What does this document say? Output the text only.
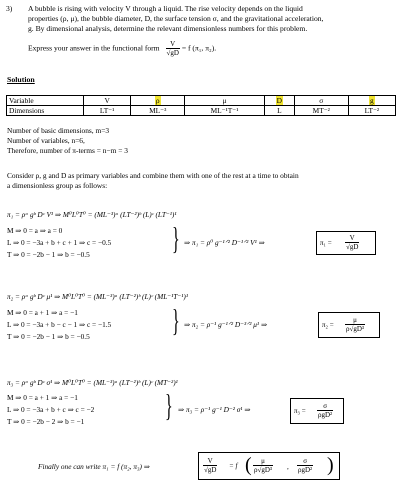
3) A bubble is rising with velocity V through a liquid. The rise velocity depends on the liquid
properties (ρ, μ), the bubble diameter, D, the surface tension σ, and the gravitational acceleration,
g. By dimensional analysis, determine the relevant dimensionless numbers for this problem.
Express your answer in the functional form $\frac{V}{√gD} = f$ (π₁, π₂).
Solution
Variable	V	ρ	μ	D	σ	g
Dimensions	LT⁻¹	ML⁻³	ML⁻¹T⁻¹	L	MT⁻²	LT⁻²
Number of basic dimensions, m=3
Number of variables, n=6,
Therefore, number of π-terms = n−m = 3
Consider ρ, g and D as primary variables and combine them with one of the rest at a time to obtain
a dimensionless group as follows:
π₁ = ρᵃ gᵇ Dᶜ V¹ ⇒ M⁰L⁰T⁰ = (ML⁻³)ᵃ (LT⁻²)ᵇ (L)ᶜ (LT⁻¹)¹
M ⇒ 0 = a ⇒ a = 0
L ⇒ 0 = −3a + b + c + 1 ⇒ c = −0.5
T ⇒ 0 = −2b − 1 ⇒ b = −0.5	} ⇒ π₁ = ρ⁰ g⁻¹ᐟ² D⁻¹ᐟ² V¹ ⇒	$\pi_1 = \frac{V}{√gD}$
π₂ = ρᵃ gᵇ Dᶜ μ¹ ⇒ M⁰L⁰T⁰ = (ML⁻³)ᵃ (LT⁻²)ᵇ (L)ᶜ (ML⁻¹T⁻¹)¹
M ⇒ 0 = a + 1 ⇒ a = −1
L ⇒ 0 = −3a + b − c − 1 ⇒ c = −1.5
T ⇒ 0 = −2b − 1 ⇒ b = −0.5	} ⇒ π₂ = ρ⁻¹ g⁻¹ᐟ² D⁻³ᐟ² μ¹ ⇒	$\pi_2 = \frac{\mu}{\text{ρ√gD³}}$
π₃ = ρᵃ gᵇ Dᶜ σ¹ ⇒ M⁰L⁰T⁰ = (ML⁻³)ᵃ (LT⁻²)ᵇ (L)ᶜ (MT⁻²)¹
M ⇒ 0 = a + 1 ⇒ a = −1
L ⇒ 0 = −3a + b + c ⇒ c = −2
T ⇒ 0 = −2b − 2 ⇒ b = −1	} ⇒ π₃ = ρ⁻¹ g⁻¹ D⁻² σ¹ ⇒	π₃ =
σ
ρgD²
Finally one can write π₁ = f (π₂, π₃) ⇒	$\frac{V}{√gD} = f$ ( $\frac{\mu}{\text{ρ√gD³}}$ ,
σ
ρgD² )
